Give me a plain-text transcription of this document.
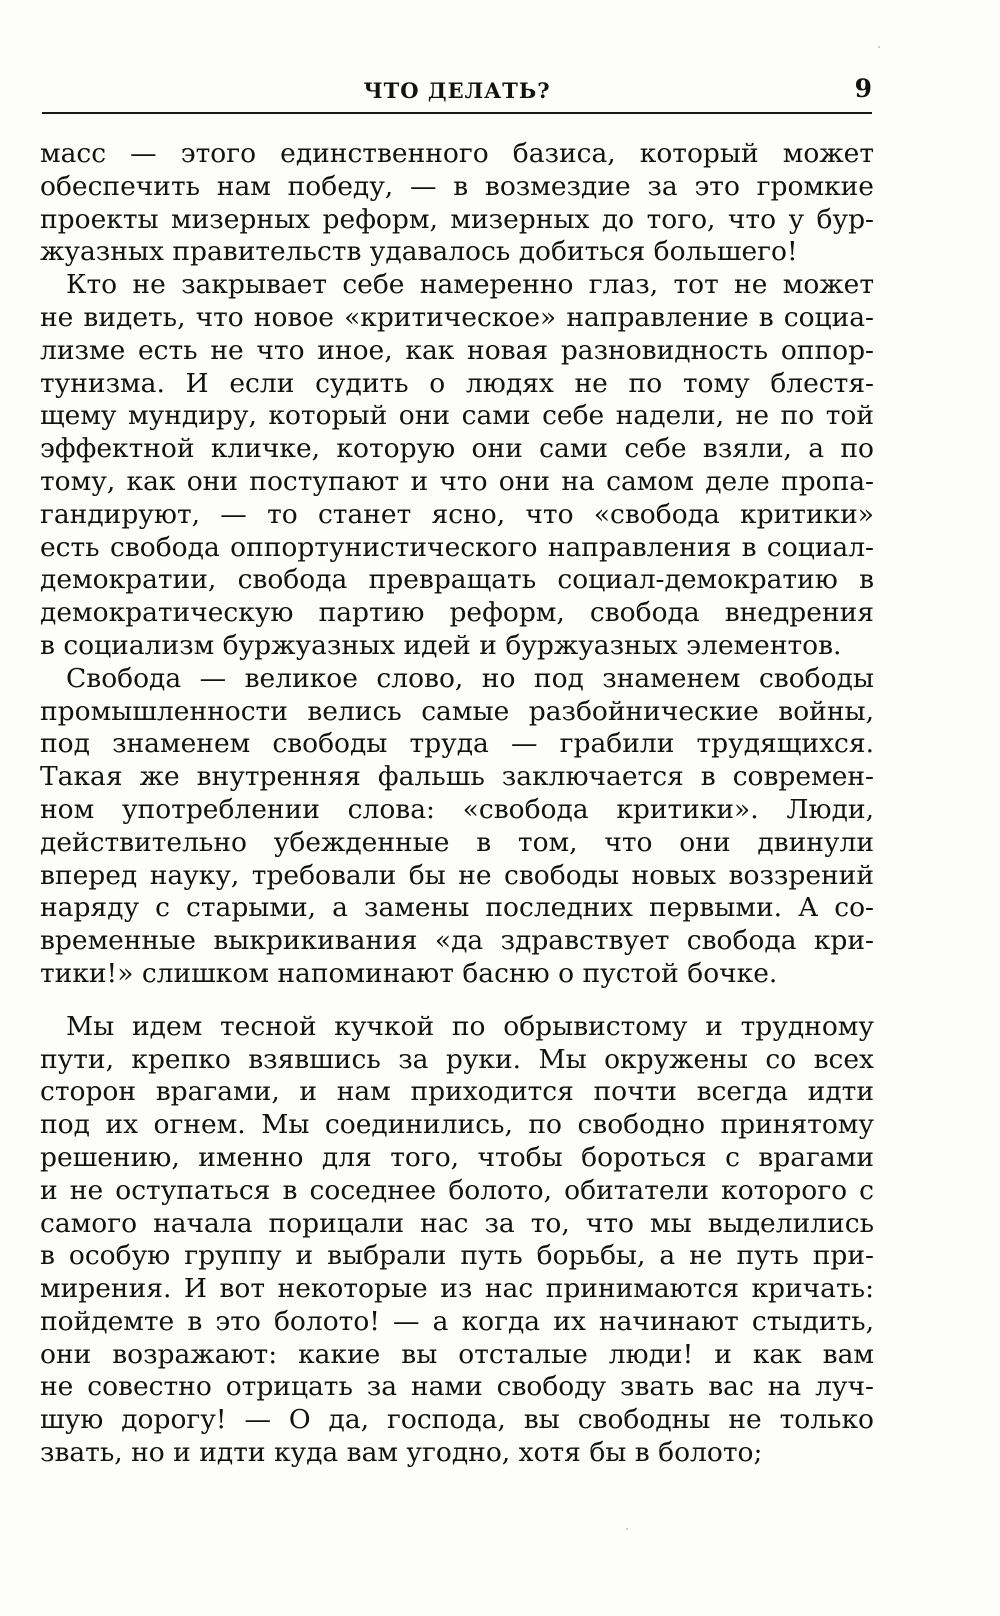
ЧТО ДЕЛАТЬ?	9
масс — этого единственного базиса, который может
обеспечить нам победу, — в возмездие за это громкие
проекты мизерных реформ, мизерных до того, что у бур-
жуазных правительств удавалось добиться большего!
Кто не закрывает себе намеренно глаз, тот не может
не видеть, что новое «критическое» направление в социа-
лизме есть не что иное, как новая разновидность оппор-
тунизма. И если судить о людях не по тому блестя-
щему мундиру, который они сами себе надели, не по той
эффектной кличке, которую они сами себе взяли, а по
тому, как они поступают и что они на самом деле пропа-
гандируют, — то станет ясно, что «свобода критики»
есть свобода оппортунистического направления в социал-
демократии, свобода превращать социал-демократию в
демократическую партию реформ, свобода внедрения
в социализм буржуазных идей и буржуазных элементов.
Свобода — великое слово, но под знаменем свободы
промышленности велись самые разбойнические войны,
под знаменем свободы труда — грабили трудящихся.
Такая же внутренняя фальшь заключается в современ-
ном употреблении слова: «свобода критики». Люди,
действительно убежденные в том, что они двинули
вперед науку, требовали бы не свободы новых воззрений
наряду с старыми, а замены последних первыми. А со-
временные выкрикивания «да здравствует свобода кри-
тики!» слишком напоминают басню о пустой бочке.
Мы идем тесной кучкой по обрывистому и трудному
пути, крепко взявшись за руки. Мы окружены со всех
сторон врагами, и нам приходится почти всегда идти
под их огнем. Мы соединились, по свободно принятому
решению, именно для того, чтобы бороться с врагами
и не оступаться в соседнее болото, обитатели которого с
самого начала порицали нас за то, что мы выделились
в особую группу и выбрали путь борьбы, а не путь при-
мирения. И вот некоторые из нас принимаются кричать:
пойдемте в это болото! — а когда их начинают стыдить,
они возражают: какие вы отсталые люди! и как вам
не совестно отрицать за нами свободу звать вас на луч-
шую дорогу! — О да, господа, вы свободны не только
звать, но и идти куда вам угодно, хотя бы в болото;
